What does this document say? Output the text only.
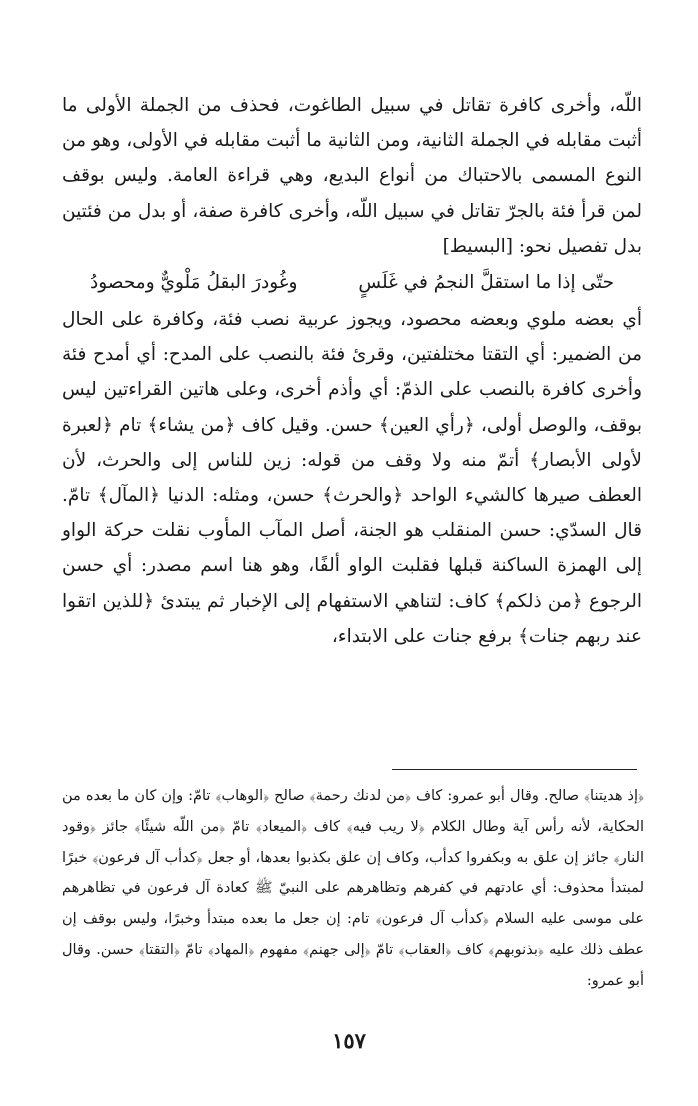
اللّه، وأخرى كافرة تقاتل في سبيل الطاغوت، فحذف من الجملة الأولى ما أثبت مقابله في الجملة الثانية، ومن الثانية ما أثبت مقابله في الأولى، وهو من النوع المسمى بالاحتباك من أنواع البديع، وهي قراءة العامة. وليس بوقف لمن قرأ فئة بالجرّ تقاتل في سبيل اللّه، وأخرى كافرة صفة، أو بدل من فئتين بدل تفصيل نحو: [البسيط]

حتّى إذا ما استقلَّ النجمُ في غَلَسٍ
وغُودرَ البقلُ مَلْويٌّ ومحصودُ

أي بعضه ملوي وبعضه محصود، ويجوز عربية نصب فئة، وكافرة على الحال من الضمير: أي التقتا مختلفتين، وقرئ فئة بالنصب على المدح: أي أمدح فئة وأخرى كافرة بالنصب على الذمّ: أي وأذم أخرى، وعلى هاتين القراءتين ليس بوقف، والوصل أولى، ﴿رأي العين﴾ حسن. وقيل كاف ﴿من يشاء﴾ تام ﴿لعبرة لأولى الأبصار﴾ أتمّ منه ولا وقف من قوله: زين للناس إلى والحرث، لأن العطف صيرها كالشيء الواحد ﴿والحرث﴾ حسن، ومثله: الدنيا ﴿المآل﴾ تامّ. قال السدّي: حسن المنقلب هو الجنة، أصل المآب المأوب نقلت حركة الواو إلى الهمزة الساكنة قبلها فقلبت الواو ألفًا، وهو هنا اسم مصدر: أي حسن الرجوع ﴿من ذلكم﴾ كاف: لتناهي الاستفهام إلى الإخبار ثم يبتدئ ﴿للذين اتقوا عند ربهم جنات﴾ برفع جنات على الابتداء،

﴿إذ هديتنا﴾ صالح. وقال أبو عمرو: كاف ﴿من لدنك رحمة﴾ صالح ﴿الوهاب﴾ تامّ: وإن كان ما بعده من الحكاية، لأنه رأس آية وطال الكلام ﴿لا ريب فيه﴾ كاف ﴿الميعاد﴾ تامّ ﴿من اللّه شيئًا﴾ جائز ﴿وقود النار﴾ جائز إن علق به وبكفروا كدأب، وكاف إن علق بكذبوا بعدها، أو جعل ﴿كدأب آل فرعون﴾ خبرًا لمبتدأ محذوف: أي عادتهم في كفرهم وتظاهرهم على النبيّ ﷺ كعادة آل فرعون في تظاهرهم على موسى عليه السلام ﴿كدأب آل فرعون﴾ تام: إن جعل ما بعده مبتدأ وخبرًا، وليس بوقف إن عطف ذلك عليه ﴿بذنوبهم﴾ كاف ﴿العقاب﴾ تامّ ﴿إلى جهنم﴾ مفهوم ﴿المهاد﴾ تامّ ﴿التقتا﴾ حسن. وقال أبو عمرو:

١٥٧
